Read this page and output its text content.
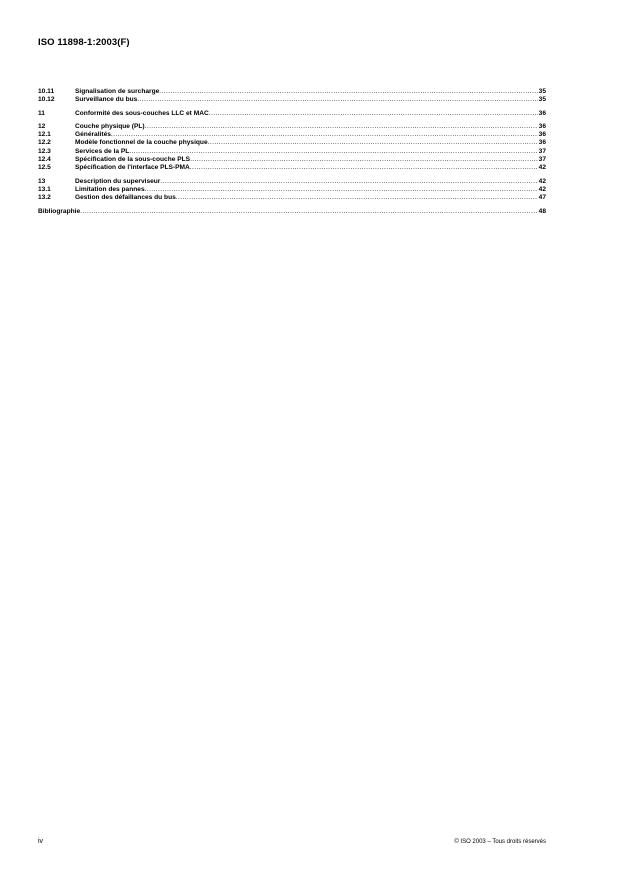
ISO 11898-1:2003(F)
10.11	Signalisation de surcharge .....	35
10.12	Surveillance du bus .....	35
11	Conformité des sous-couches LLC et MAC .....	36
12	Couche physique (PL) .....	36
12.1	Généralités .....	36
12.2	Modèle fonctionnel de la couche physique .....	36
12.3	Services de la PL .....	37
12.4	Spécification de la sous-couche PLS .....	37
12.5	Spécification de l'interface PLS-PMA .....	42
13	Description du superviseur .....	42
13.1	Limitation des pannes .....	42
13.2	Gestion des défaillances du bus .....	47
Bibliographie .....	48
iv	© ISO 2003 – Tous droits réservés
